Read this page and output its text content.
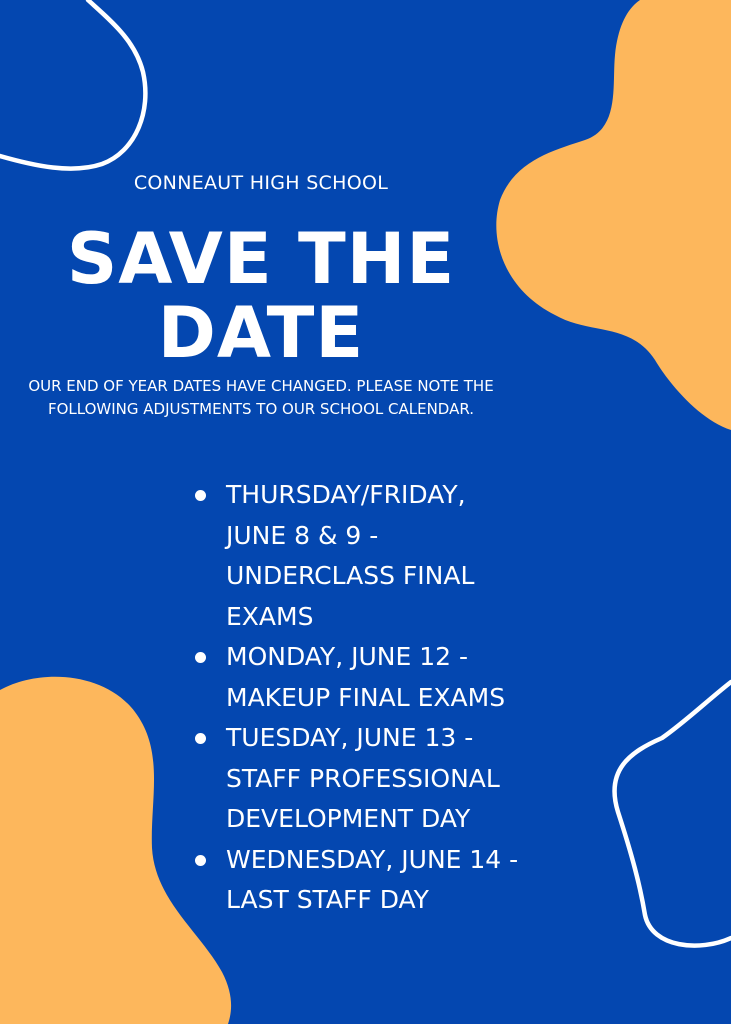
CONNEAUT HIGH SCHOOL
SAVE THE
DATE
OUR END OF YEAR DATES HAVE CHANGED. PLEASE NOTE THE FOLLOWING ADJUSTMENTS TO OUR SCHOOL CALENDAR.
THURSDAY/FRIDAY,
JUNE 8 & 9 -
UNDERCLASS FINAL
EXAMS
MONDAY, JUNE 12 -
MAKEUP FINAL EXAMS
TUESDAY, JUNE 13 -
STAFF PROFESSIONAL
DEVELOPMENT DAY
WEDNESDAY, JUNE 14 -
LAST STAFF DAY
